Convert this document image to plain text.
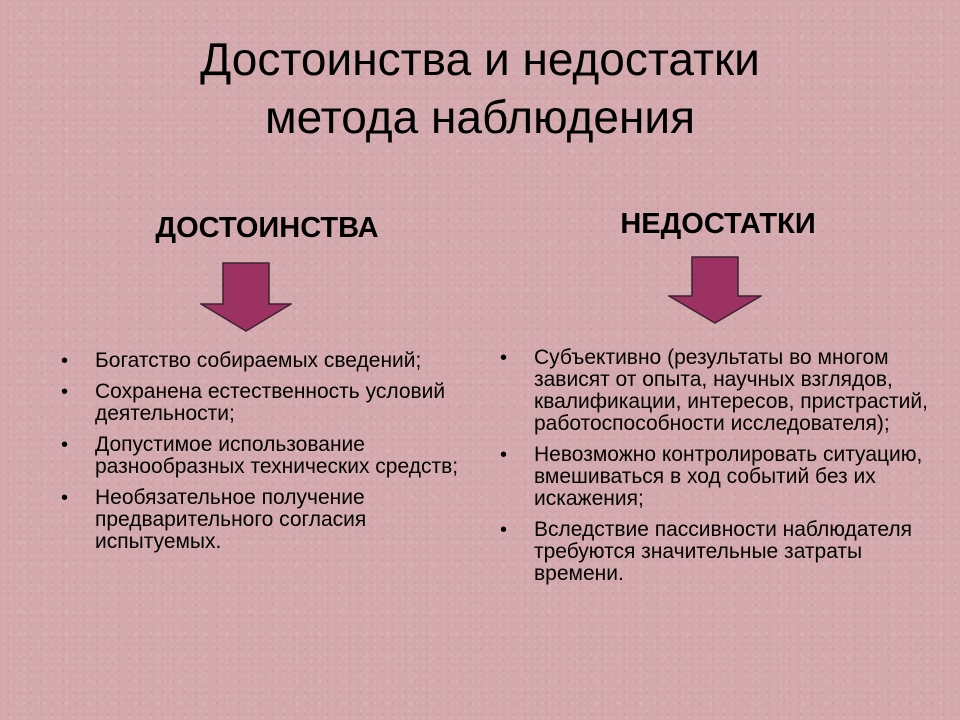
Достоинства и недостатки
метода наблюдения
ДОСТОИНСТВА	НЕДОСТАТКИ
• Богатство собираемых сведений;
• Сохранена естественность условий деятельности;
• Допустимое использование разнообразных технических средств;
• Необязательное получение предварительного согласия испытуемых.
• Субъективно (результаты во многом зависят от опыта, научных взглядов, квалификации, интересов, пристрастий, работоспособности исследователя);
• Невозможно контролировать ситуацию, вмешиваться в ход событий без их искажения;
• Вследствие пассивности наблюдателя требуются значительные затраты времени.
